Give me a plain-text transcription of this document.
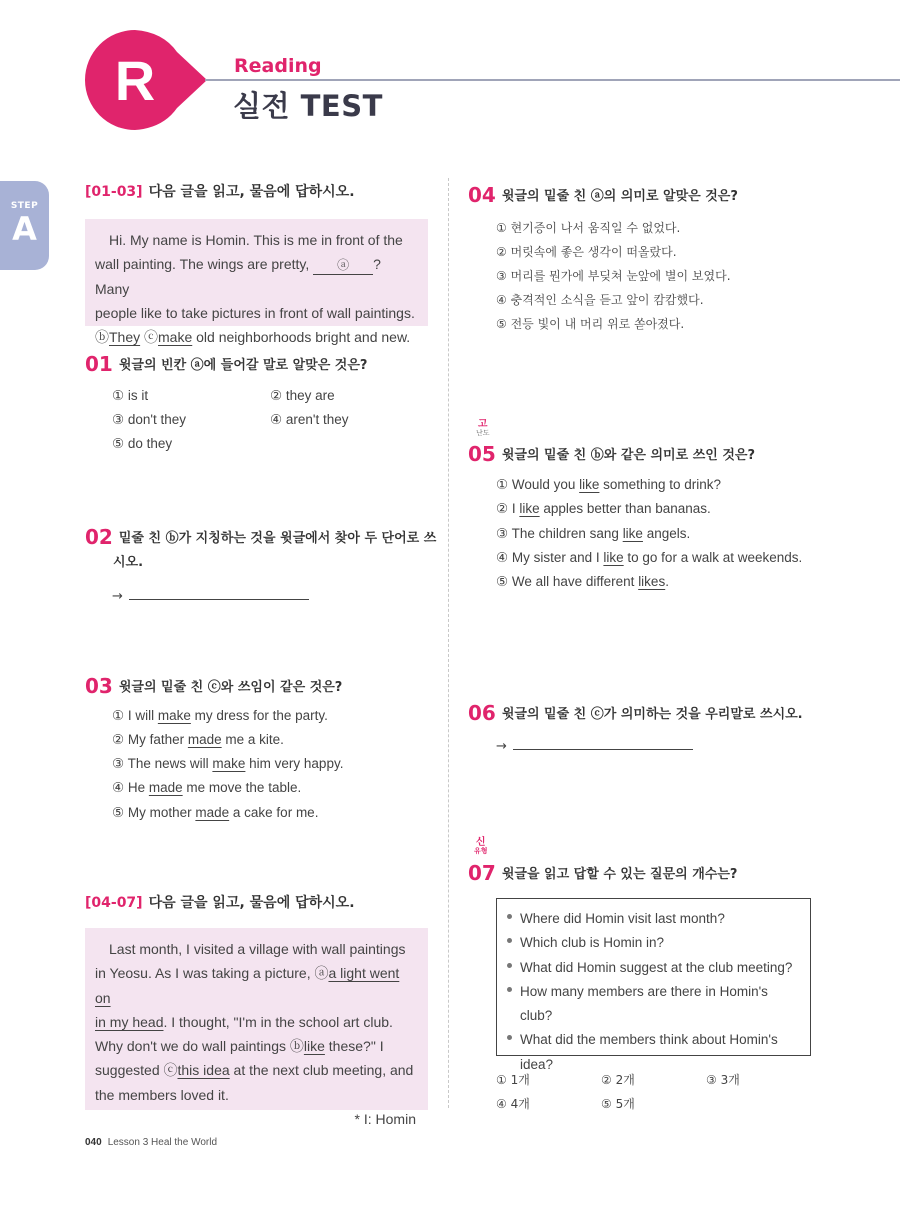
R	Reading
실전 TEST
STEP
A
[01-03] 다음 글을 읽고, 물음에 답하시오.

Hi. My name is Homin. This is me in front of the

wall painting. The wings are pretty, ⓐ ? Many
people like to take pictures in front of wall paintings.
ⓑThey ⓒmake old neighborhoods bright and new.
01 윗글의 빈칸 ⓐ에 들어갈 말로 알맞은 것은?
① is it	② they are
③ don't they	④ aren't they
⑤ do they
02 밑줄 친 ⓑ가 지칭하는 것을 윗글에서 찾아 두 단어로 쓰
시오.
→
03 윗글의 밑줄 친 ⓒ와 쓰임이 같은 것은?
① I will make my dress for the party.
② My father made me a kite.
③ The news will make him very happy.
④ He made me move the table.
⑤ My mother made a cake for me.
[04-07] 다음 글을 읽고, 물음에 답하시오.

Last month, I visited a village with wall paintings

in Yeosu. As I was taking a picture, ⓐa light went on
in my head. I thought, "I'm in the school art club.
Why don't we do wall paintings ⓑlike these?" I
suggested ⓒthis idea at the next club meeting, and
the members loved it.
* I: Homin
04 윗글의 밑줄 친 ⓐ의 의미로 알맞은 것은?
① 현기증이 나서 움직일 수 없었다.
② 머릿속에 좋은 생각이 떠올랐다.
③ 머리를 뭔가에 부딪쳐 눈앞에 별이 보였다.
④ 충격적인 소식을 듣고 앞이 캄캄했다.
⑤ 전등 빛이 내 머리 위로 쏟아졌다.
고
난도
05 윗글의 밑줄 친 ⓑ와 같은 의미로 쓰인 것은?
① Would you like something to drink?
② I like apples better than bananas.
③ The children sang like angels.
④ My sister and I like to go for a walk at weekends.
⑤ We all have different likes.
06 윗글의 밑줄 친 ⓒ가 의미하는 것을 우리말로 쓰시오.
→
신
유형
07 윗글을 읽고 답할 수 있는 질문의 개수는?
Where did Homin visit last month?
Which club is Homin in?
What did Homin suggest at the club meeting?
How many members are there in Homin's club?
What did the members think about Homin's
idea?
① 1개	② 2개	③ 3개
④ 4개	⑤ 5개
040 Lesson 3 Heal the World
